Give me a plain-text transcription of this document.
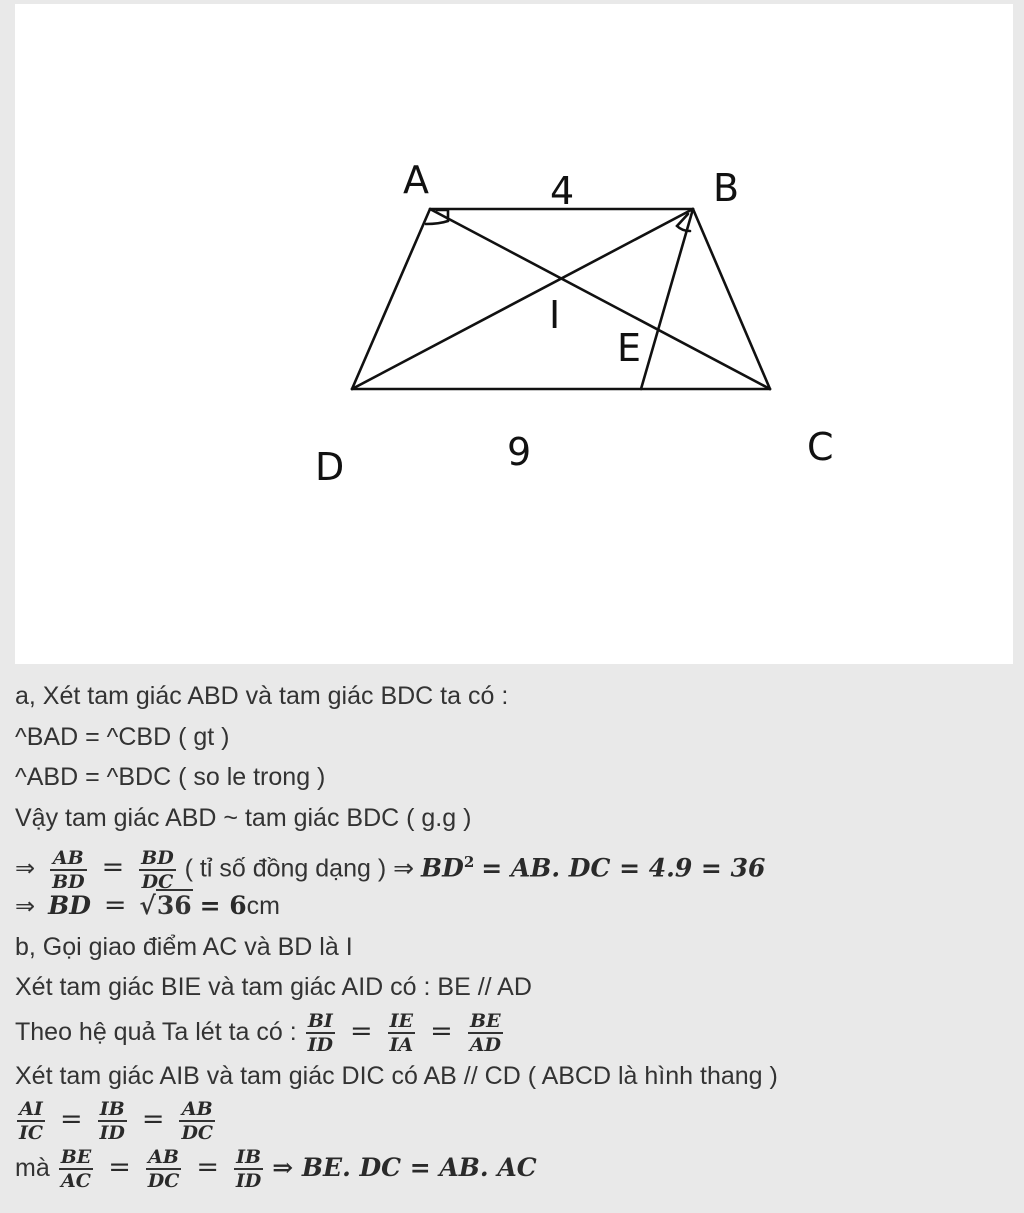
A	4	B
I
E
D	9	C
a, Xét tam giác ABD và tam giác BDC ta có :
^BAD = ^CBD ( gt )
^ABD = ^BDC ( so le trong )
Vậy tam giác ABD ~ tam giác BDC ( g.g )
⇒ $\frac{AB}{BD} = \frac{BD}{DC}$ ( tỉ số đồng dạng ) ⇒ $BD^2$ = AB. DC = 4.9 = 36
⇒ BD = √36 = 6cm
b, Gọi giao điểm AC và BD là I
Xét tam giác BIE và tam giác AID có : BE // AD
Theo hệ quả Ta lét ta có : $\frac{BI}{ID} = \frac{IE}{IA} = \frac{BE}{AD}$
Xét tam giác AIB và tam giác DIC có AB // CD ( ABCD là hình thang )
$\frac{AI}{IC} = \frac{IB}{ID} = \frac{AB}{DC}$
mà $\frac{BE}{AC} = \frac{AB}{DC} = \frac{IB}{ID}$ ⇒ BE. DC = AB. AC
